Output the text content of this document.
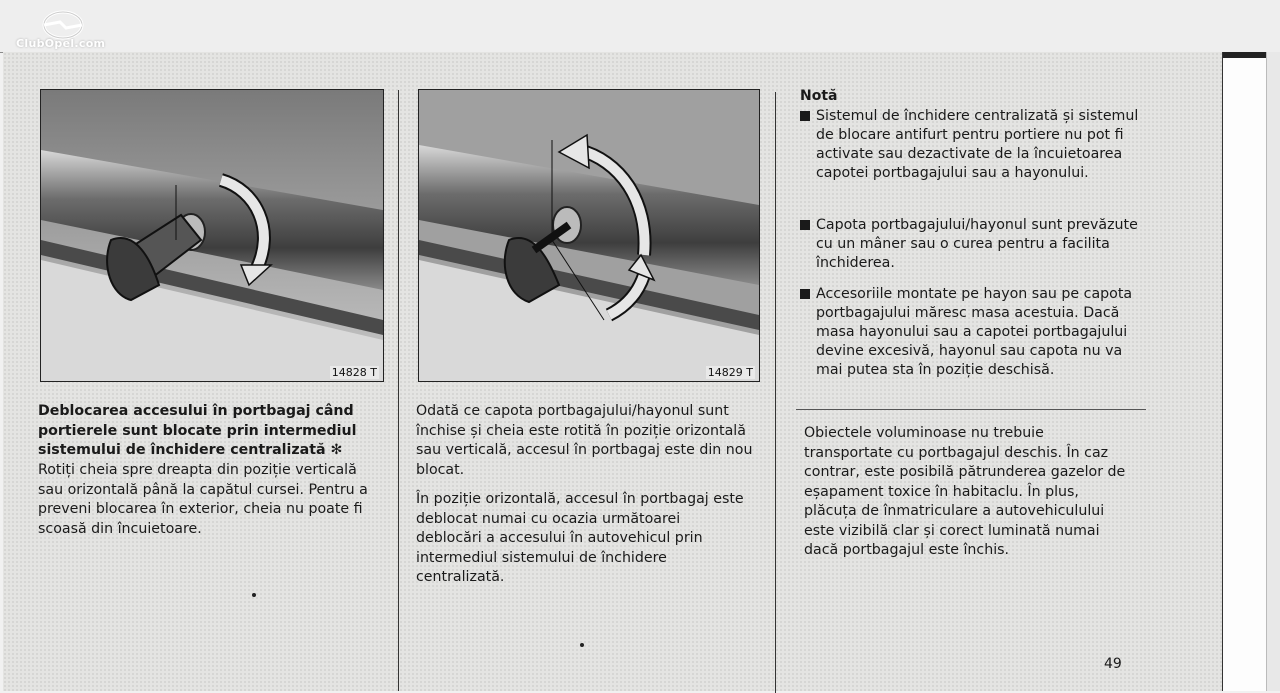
ClubOpel.com
14828 T	14829 T
Deblocarea accesului în portbagaj când portierele sunt blocate prin intermediul sistemului de închidere centralizată ✻
Rotiți cheia spre dreapta din poziție verticală sau orizontală până la capătul cursei. Pentru a preveni blocarea în exterior, cheia nu poate fi scoasă din încuietoare.
Odată ce capota portbagajului/hayonul sunt închise și cheia este rotită în poziție orizontală sau verticală, accesul în portbagaj este din nou blocat.
În poziție orizontală, accesul în portbagaj este deblocat numai cu ocazia următoarei deblocări a accesului în autovehicul prin intermediul sistemului de închidere centralizată.
Notă
Sistemul de închidere centralizată și sistemul de blocare antifurt pentru portiere nu pot fi activate sau dezactivate de la încuietoarea capotei portbagajului sau a hayonului.
Capota portbagajului/hayonul sunt prevăzute cu un mâner sau o curea pentru a facilita închiderea.
Accesoriile montate pe hayon sau pe capota portbagajului măresc masa acestuia. Dacă masa hayonului sau a capotei portbagajului devine excesivă, hayonul sau capota nu va mai putea sta în poziție deschisă.
Obiectele voluminoase nu trebuie transportate cu portbagajul deschis. În caz contrar, este posibilă pătrunderea gazelor de eșapament toxice în habitaclu. În plus, plăcuța de înmatriculare a autovehiculului este vizibilă clar și corect luminată numai dacă portbagajul este închis.
49
